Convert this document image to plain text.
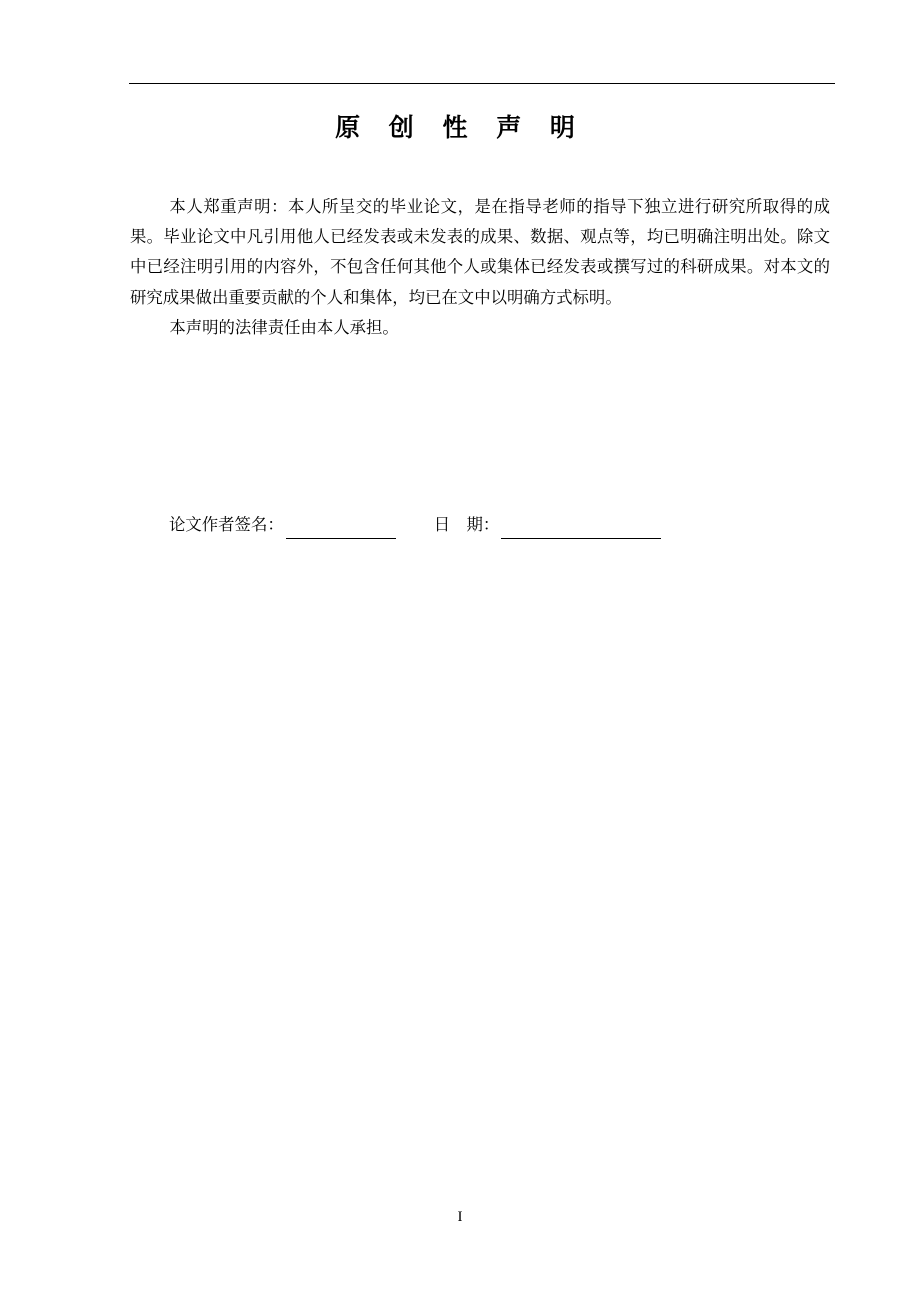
原 创 性 声 明

本人郑重声明：本人所呈交的毕业论文，是在指导老师的指导下独立进行研究所取得的成果。毕业论文中凡引用他人已经发表或未发表的成果、数据、观点等，均已明确注明出处。除文中已经注明引用的内容外，不包含任何其他个人或集体已经发表或撰写过的科研成果。对本文的研究成果做出重要贡献的个人和集体，均已在文中以明确方式标明。

本声明的法律责任由本人承担。

论文作者签名：	日　期：
I
